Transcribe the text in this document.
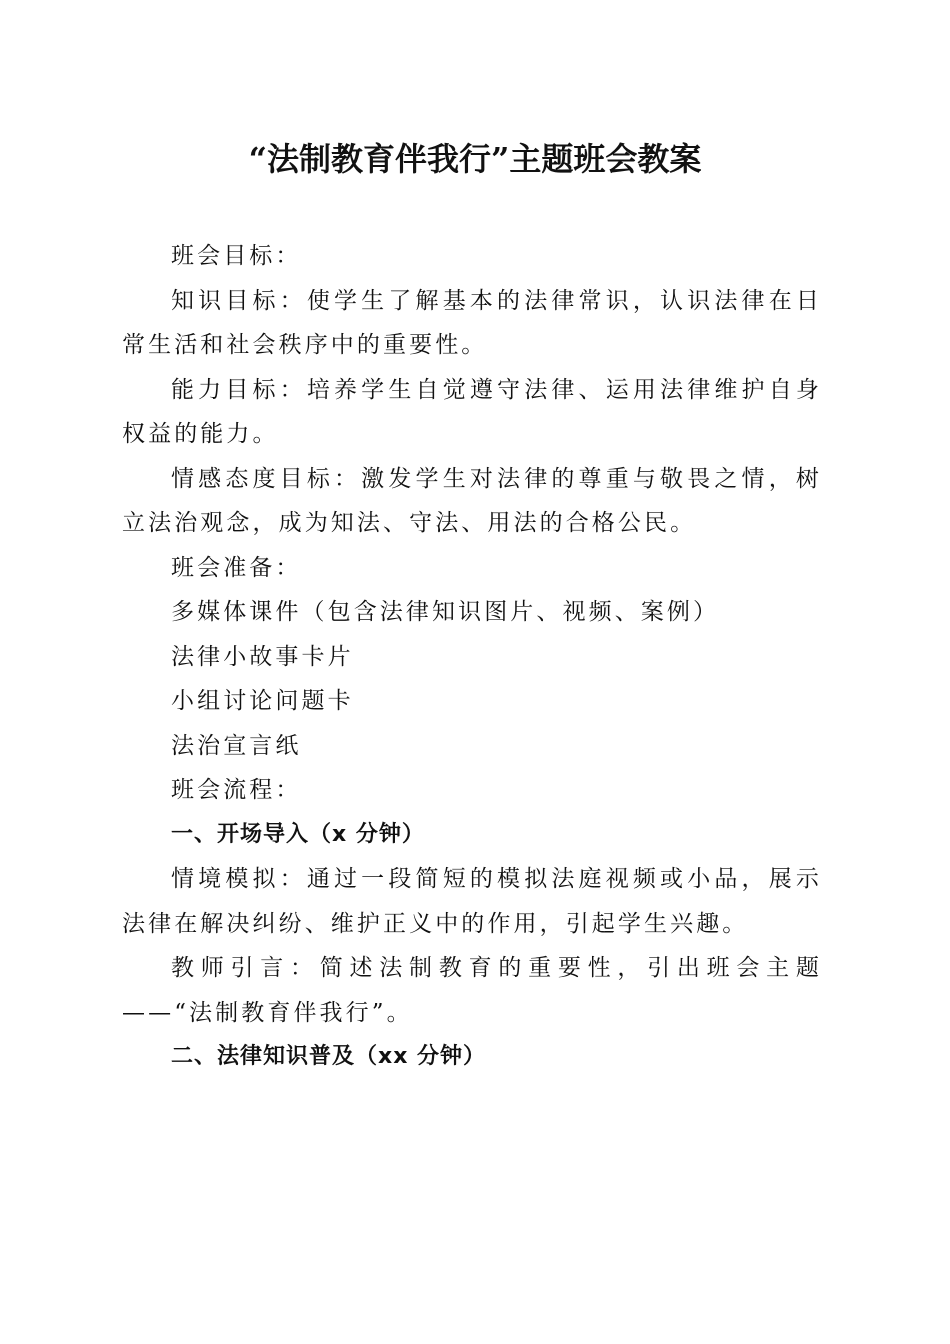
“法制教育伴我行”主题班会教案

班会目标：

知识目标：使学生了解基本的法律常识，认识法律在日常生活和社会秩序中的重要性。

能力目标：培养学生自觉遵守法律、运用法律维护自身权益的能力。

情感态度目标：激发学生对法律的尊重与敬畏之情，树立法治观念，成为知法、守法、用法的合格公民。

班会准备：

多媒体课件（包含法律知识图片、视频、案例）

法律小故事卡片

小组讨论问题卡

法治宣言纸

班会流程：

一、开场导入（x 分钟）

情境模拟：通过一段简短的模拟法庭视频或小品，展示法律在解决纠纷、维护正义中的作用，引起学生兴趣。

教师引言：简述法制教育的重要性，引出班会主题——“法制教育伴我行”。

二、法律知识普及（xx 分钟）
